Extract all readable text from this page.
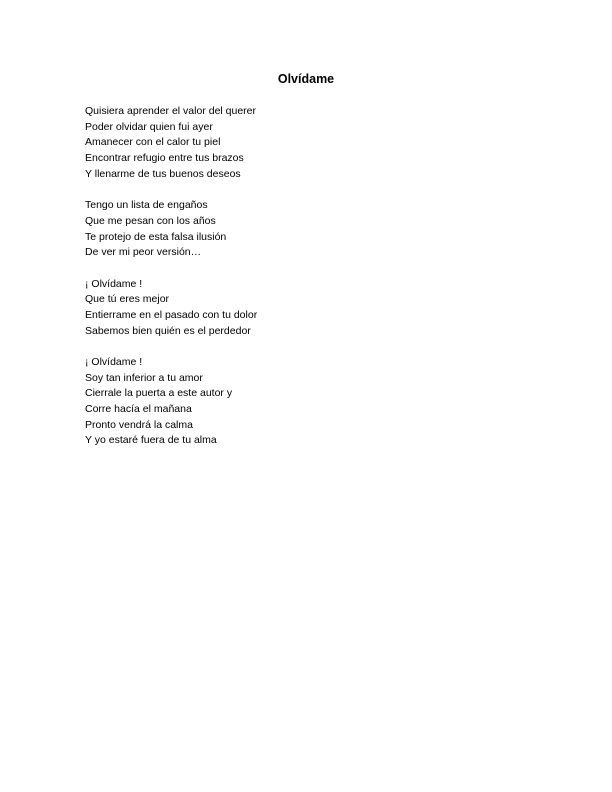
Olvídame
Quisiera aprender el valor del querer
Poder olvidar quien fui ayer
Amanecer con el calor tu piel
Encontrar refugio entre tus brazos
Y llenarme de tus buenos deseos
Tengo un lista de engaños
Que me pesan con los años
Te protejo de esta falsa ilusión
De ver mi peor versión…
¡ Olvídame !
Que tú eres mejor
Entierrame en el pasado con tu dolor
Sabemos bien quién es el perdedor
¡ Olvídame !
Soy tan inferior a tu amor
Cierrale la puerta a este autor y
Corre hacía el mañana
Pronto vendrá la calma
Y yo estaré fuera de tu alma
